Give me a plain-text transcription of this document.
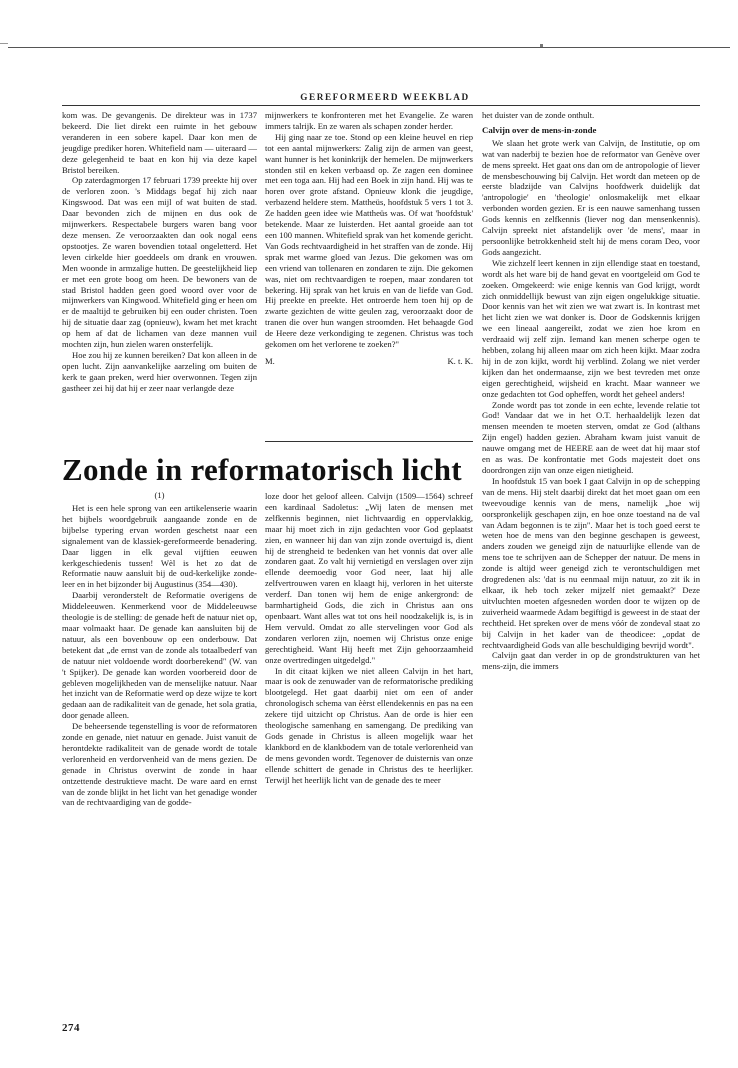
GEREFORMEERD WEEKBLAD

kom was. De gevangenis. De direkteur was in 1737 bekeerd. Die liet direkt een ruimte in het gebouw veranderen in een sobere kapel. Daar kon men de jeugdige prediker horen. Whitefield nam — uiteraard — deze gelegenheid te baat en kon hij via deze kapel Bristol bereiken.

Op zaterdagmorgen 17 februari 1739 preekte hij over de verloren zoon. 's Middags begaf hij zich naar Kingswood. Dat was een mijl of wat buiten de stad. Daar bevonden zich de mijnen en dus ook de mijnwerkers. Respectabele burgers waren bang voor deze mensen. Ze veroorzaakten dan ook nogal eens opstootjes. Ze waren bovendien totaal ongeletterd. Het leven cirkelde hier goeddeels om drank en vrouwen. Men woonde in armzalige hutten. De geestelijkheid liep er met een grote boog om heen. De bewoners van de stad Bristol hadden geen goed woord over voor de mijnwerkers van Kingwood. Whitefield ging er heen om er de maaltijd te gebruiken bij een ouder christen. Toen hij de situatie daar zag (opnieuw), kwam het met kracht op hem af dat de lichamen van deze mannen vuil mochten zijn, hun zielen waren onsterfelijk.

Hoe zou hij ze kunnen bereiken? Dat kon alleen in de open lucht. Zijn aanvankelijke aarzeling om buiten de kerk te gaan preken, werd hier overwonnen. Tegen zijn gastheer zei hij dat hij er zeer naar verlangde deze

mijnwerkers te konfronteren met het Evangelie. Ze waren immers talrijk. En ze waren als schapen zonder herder.

Hij ging naar ze toe. Stond op een kleine heuvel en riep tot een aantal mijnwerkers: Zalig zijn de armen van geest, want hunner is het koninkrijk der hemelen. De mijnwerkers stonden stil en keken verbaasd op. Ze zagen een dominee met een toga aan. Hij had een Boek in zijn hand. Hij was te horen over grote afstand. Opnieuw klonk die jeugdige, verbazend heldere stem. Mattheüs, hoofdstuk 5 vers 1 tot 3. Ze hadden geen idee wie Mattheüs was. Of wat 'hoofdstuk' betekende. Maar ze luisterden. Het aantal groeide aan tot een 100 mannen. Whitefield sprak van het komende gericht. Van Gods rechtvaardigheid in het straffen van de zonde. Hij sprak met warme gloed van Jezus. Die gekomen was om een vriend van tollenaren en zondaren te zijn. Die gekomen was, niet om rechtvaardigen te roepen, maar zondaren tot bekering. Hij sprak van het kruis en van de liefde van God. Hij preekte en preekte. Het ontroerde hem toen hij op de zwarte gezichten de witte geulen zag, veroorzaakt door de tranen die over hun wangen stroomden. Het behaagde God de Heere deze verkondiging te zegenen. Christus was toch gekomen om het verlorene te zoeken?"

M.	K. t. K.

het duister van de zonde onthult.

Calvijn over de mens-in-zonde

We slaan het grote werk van Calvijn, de Institutie, op om wat van naderbij te bezien hoe de reformator van Genève over de mens spreekt. Het gaat ons dan om de antropologie of liever de mensbeschouwing bij Calvijn. Het wordt dan meteen op de eerste bladzijde van Calvijns hoofdwerk duidelijk dat 'antropologie' en 'theologie' onlosmakelijk met elkaar verbonden worden gezien. Er is een nauwe samenhang tussen Gods kennis en zelfkennis (liever nog dan mensenkennis). Calvijn spreekt niet afstandelijk over 'de mens', maar in persoonlijke betrokkenheid stelt hij de mens coram Deo, voor Gods aangezicht.

Wie zichzelf leert kennen in zijn ellendige staat en toestand, wordt als het ware bij de hand gevat en voortgeleid om God te zoeken. Omgekeerd: wie enige kennis van God krijgt, wordt zich onmiddellijk bewust van zijn eigen ongelukkige situatie. Door kennis van het wit zien we wat zwart is. In kontrast met het licht zien we wat donker is. Door de Godskennis krijgen we een lineaal aangereikt, zodat we zien hoe krom en verdraaid wij zelf zijn. Iemand kan menen scherpe ogen te hebben, zolang hij alleen maar om zich heen kijkt. Maar zodra hij in de zon kijkt, wordt hij verblind. Zolang we niet verder kijken dan het ondermaanse, zijn we best tevreden met onze eigen gerechtigheid, wijsheid en kracht. Maar wanneer we onze gedachten tot God opheffen, wordt het geheel anders!

Zonde wordt pas tot zonde in een echte, levende relatie tot God! Vandaar dat we in het O.T. herhaaldelijk lezen dat mensen meenden te moeten sterven, omdat ze God (althans Zijn engel) hadden gezien. Abraham kwam juist vanuit de nauwe omgang met de HEERE aan de weet dat hij maar stof en as was. De konfrontatie met Gods majesteit doet ons doordrongen zijn van onze eigen nietigheid.

In hoofdstuk 15 van boek I gaat Calvijn in op de schepping van de mens. Hij stelt daarbij direkt dat het moet gaan om een tweevoudige kennis van de mens, namelijk „hoe wij oorspronkelijk geschapen zijn, en hoe onze toestand na de val van Adam begonnen is te zijn". Maar het is toch goed eerst te weten hoe de mens van den beginne geschapen is geweest, anders zouden we geneigd zijn de natuurlijke ellende van de mens toe te schrijven aan de Schepper der natuur. De mens in zonde is altijd weer geneigd zich te verontschuldigen met drogredenen als: 'dat is nu eenmaal mijn natuur, zo zit ik in elkaar, ik heb toch zeker mijzelf niet gemaakt?' Deze uitvluchten moeten afgesneden worden door te wijzen op de zuiverheid waarmede Adam begiftigd is geweest in de staat der rechtheid. Het spreken over de mens vóór de zondeval staat zo bij Calvijn in het kader van de theodicee: „opdat de rechtvaardigheid Gods van alle beschuldiging bevrijd wordt".

Calvijn gaat dan verder in op de grondstrukturen van het mens-zijn, die immers

Zonde in reformatorisch licht
(1)

Het is een hele sprong van een artikelenserie waarin het bijbels woordgebruik aangaande zonde en de bijbelse typering ervan worden geschetst naar een signalement van de klassiek-gereformeerde benadering. Daar liggen in elk geval vijftien eeuwen kerkgeschiedenis tussen! Wèl is het zo dat de Reformatie nauw aansluit bij de oud-kerkelijke zonde-leer en in het bijzonder bij Augustinus (354—430).

Daarbij veronderstelt de Reformatie overigens de Middeleeuwen. Kenmerkend voor de Middeleeuwse theologie is de stelling: de genade heft de natuur niet op, maar volmaakt haar. De genade kan aansluiten bij de natuur, als een bovenbouw op een onderbouw. Dat betekent dat „de ernst van de zonde als totaalbederf van de natuur niet voldoende wordt doorberekend" (W. van 't Spijker). De genade kan worden voorbereid door de gebleven mogelijkheden van de menselijke natuur. Naar het inzicht van de Reformatie werd op deze wijze te kort gedaan aan de radikaliteit van de genade, het sola gratia, door genade alleen.

De beheersende tegenstelling is voor de reformatoren zonde en genade, niet natuur en genade. Juist vanuit de herontdekte radikaliteit van de genade wordt de totale verlorenheid en verdorvenheid van de mens gezien. De genade in Christus overwint de zonde in haar ontzettende destruktieve macht. De ware aard en ernst van de zonde blijkt in het licht van het genadige wonder van de rechtvaardiging van de godde-

loze door het geloof alleen. Calvijn (1509—1564) schreef een kardinaal Sadoletus: „Wij laten de mensen met zelfkennis beginnen, niet lichtvaardig en oppervlakkig, maar hij moet zich in zijn gedachten voor God geplaatst zien, en wanneer hij dan van zijn zonde overtuigd is, dient hij de strengheid te bedenken van het vonnis dat over alle zondaren gaat. Zo valt hij vernietigd en verslagen over zijn ellende deemoedig voor God neer, laat hij alle zelfvertrouwen varen en klaagt hij, verloren in het uiterste verderf. Dan tonen wij hem de enige ankergrond: de barmhartigheid Gods, die zich in Christus aan ons openbaart. Want alles wat tot ons heil noodzakelijk is, is in Hem vervuld. Omdat zo alle stervelingen voor God als zondaren verloren zijn, noemen wij Christus onze enige gerechtigheid. Want Hij heeft met Zijn gehoorzaamheid onze overtredingen uitgedelgd."

In dit citaat kijken we niet alleen Calvijn in het hart, maar is ook de zenuwader van de reformatorische prediking blootgelegd. Het gaat daarbij niet om een of ander chronologisch schema van èèrst ellendekennis en pas na een zekere tijd uitzicht op Christus. Aan de orde is hier een theologische samenhang en samengang. De prediking van Gods genade in Christus is alleen mogelijk waar het klankbord en de klankbodem van de totale verlorenheid van de mens gevonden wordt. Tegenover de duisternis van onze ellende schittert de genade in Christus des te heerlijker. Terwijl het heerlijk licht van de genade des te meer

274
